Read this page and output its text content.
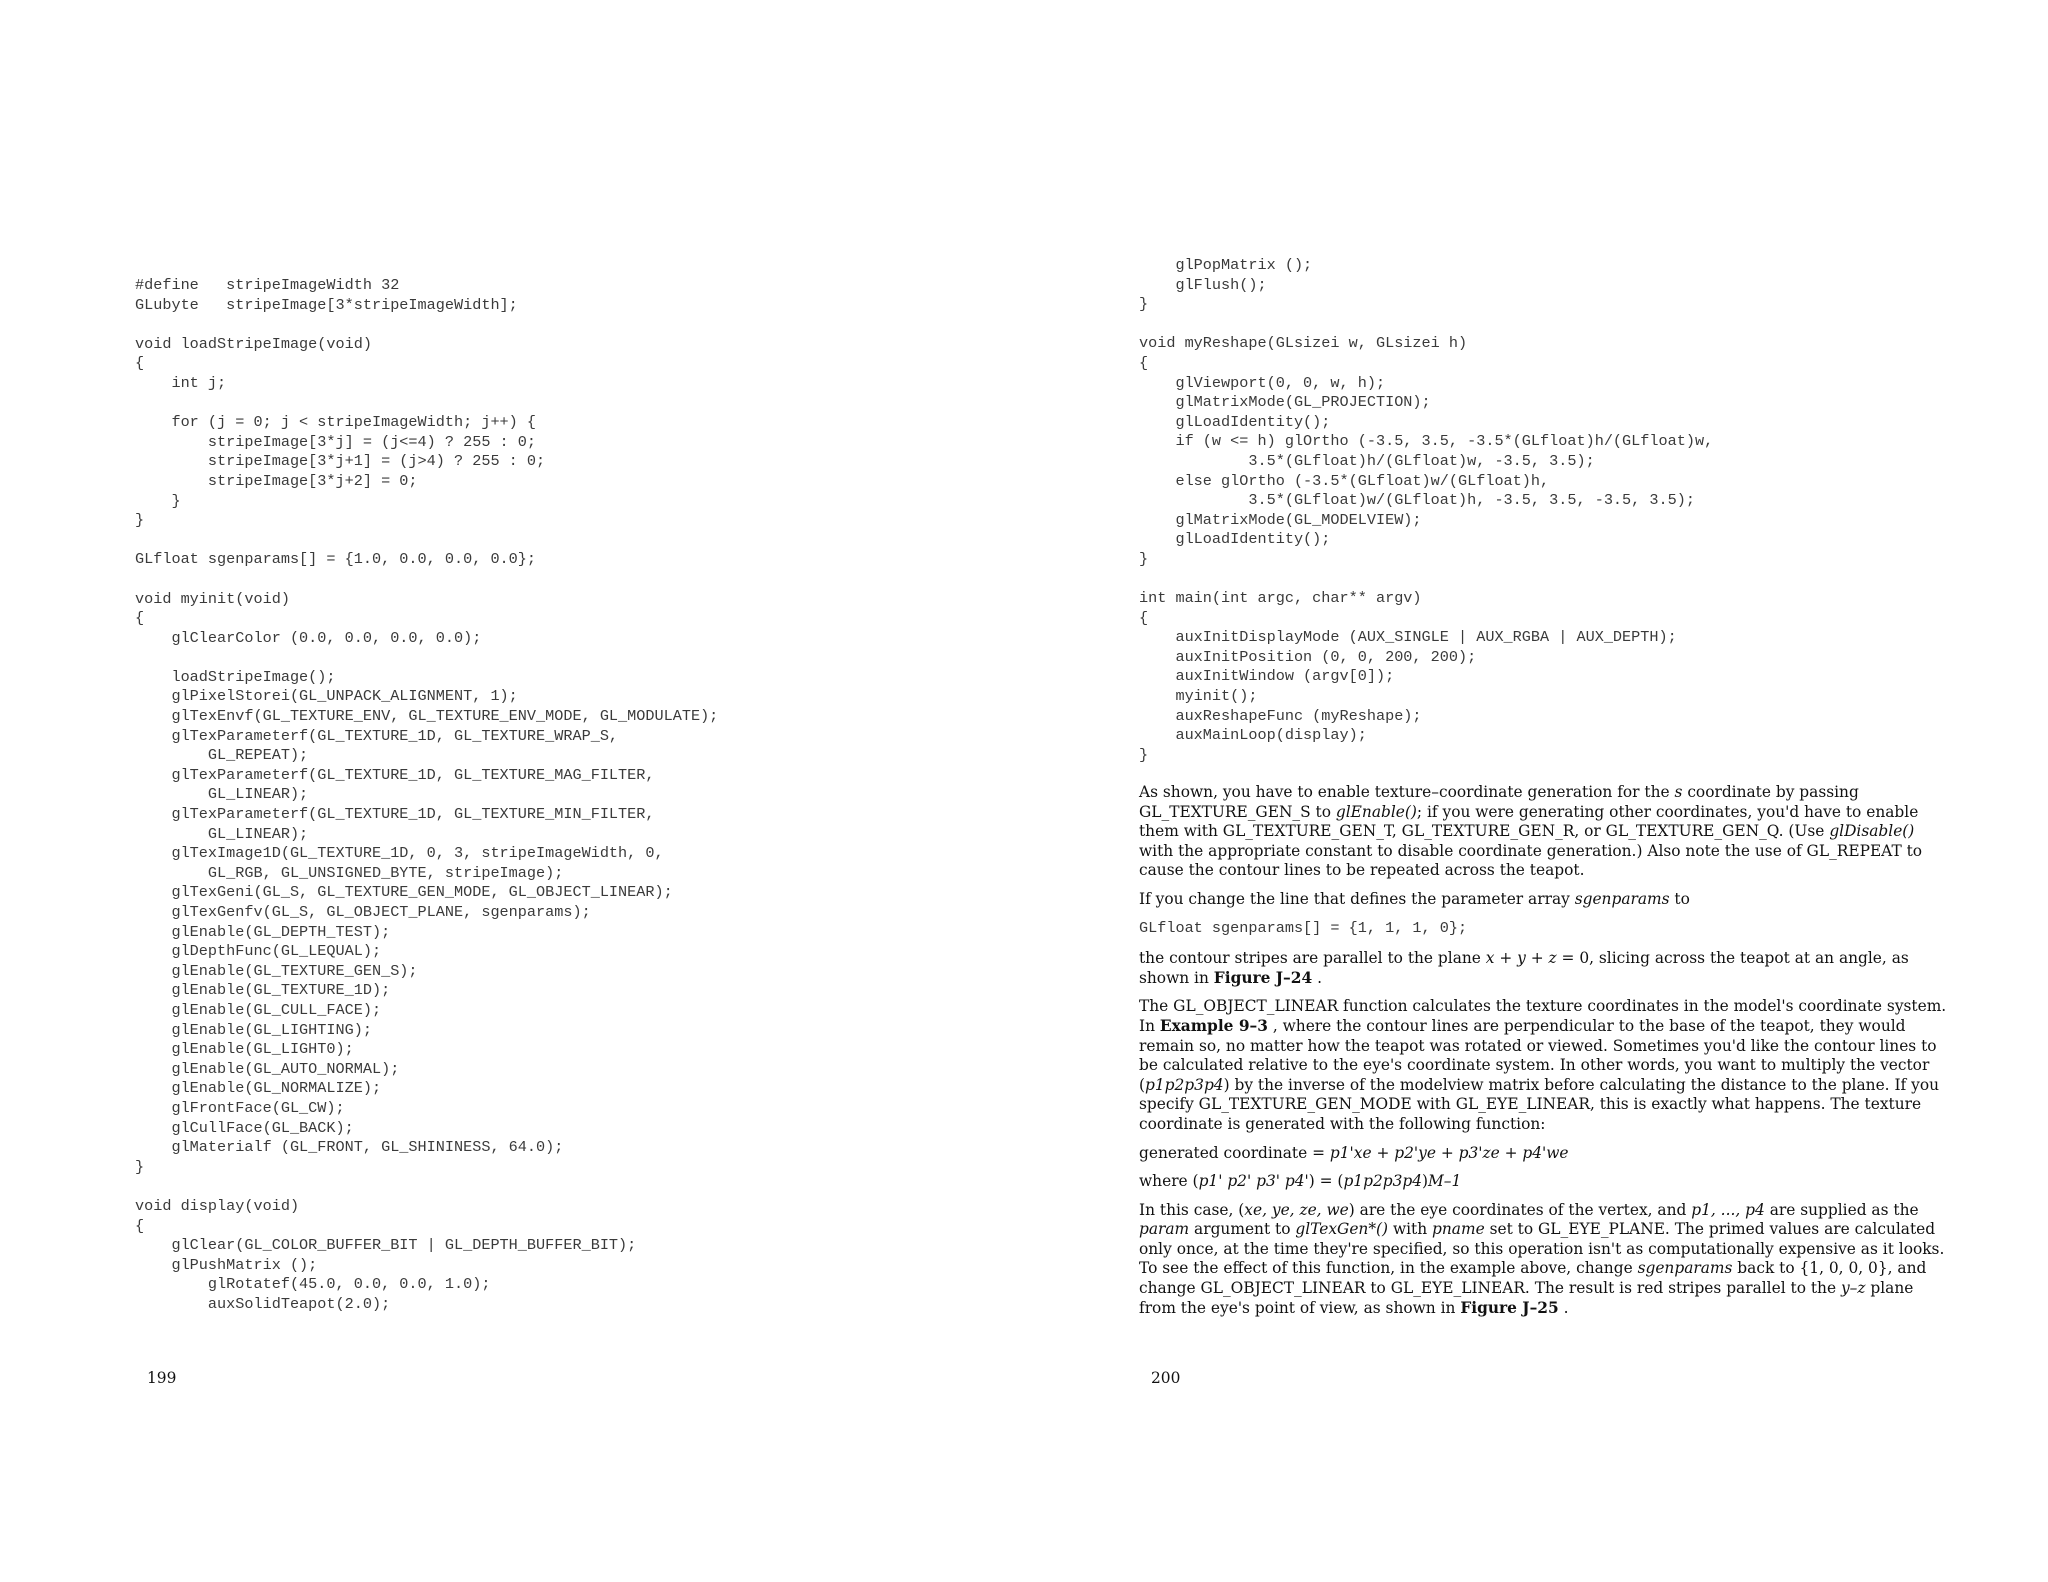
#define   stripeImageWidth 32
GLubyte   stripeImage[3*stripeImageWidth];

void loadStripeImage(void)
{
int j;

for (j = 0; j < stripeImageWidth; j++) {
stripeImage[3*j] = (j<=4) ? 255 : 0;
stripeImage[3*j+1] = (j>4) ? 255 : 0;
stripeImage[3*j+2] = 0;
}
}

GLfloat sgenparams[] = {1.0, 0.0, 0.0, 0.0};

void myinit(void)
{
glClearColor (0.0, 0.0, 0.0, 0.0);

loadStripeImage();
glPixelStorei(GL_UNPACK_ALIGNMENT, 1);
glTexEnvf(GL_TEXTURE_ENV, GL_TEXTURE_ENV_MODE, GL_MODULATE);
glTexParameterf(GL_TEXTURE_1D, GL_TEXTURE_WRAP_S,
GL_REPEAT);
glTexParameterf(GL_TEXTURE_1D, GL_TEXTURE_MAG_FILTER,
GL_LINEAR);
glTexParameterf(GL_TEXTURE_1D, GL_TEXTURE_MIN_FILTER,
GL_LINEAR);
glTexImage1D(GL_TEXTURE_1D, 0, 3, stripeImageWidth, 0,
GL_RGB, GL_UNSIGNED_BYTE, stripeImage);
glTexGeni(GL_S, GL_TEXTURE_GEN_MODE, GL_OBJECT_LINEAR);
glTexGenfv(GL_S, GL_OBJECT_PLANE, sgenparams);
glEnable(GL_DEPTH_TEST);
glDepthFunc(GL_LEQUAL);
glEnable(GL_TEXTURE_GEN_S);
glEnable(GL_TEXTURE_1D);
glEnable(GL_CULL_FACE);
glEnable(GL_LIGHTING);
glEnable(GL_LIGHT0);
glEnable(GL_AUTO_NORMAL);
glEnable(GL_NORMALIZE);
glFrontFace(GL_CW);
glCullFace(GL_BACK);
glMaterialf (GL_FRONT, GL_SHININESS, 64.0);
}

void display(void)
{
glClear(GL_COLOR_BUFFER_BIT | GL_DEPTH_BUFFER_BIT);
glPushMatrix ();
glRotatef(45.0, 0.0, 0.0, 1.0);
auxSolidTeapot(2.0);
199
glPopMatrix ();
glFlush();
}

void myReshape(GLsizei w, GLsizei h)
{
glViewport(0, 0, w, h);
glMatrixMode(GL_PROJECTION);
glLoadIdentity();
if (w <= h) glOrtho (-3.5, 3.5, -3.5*(GLfloat)h/(GLfloat)w,
3.5*(GLfloat)h/(GLfloat)w, -3.5, 3.5);
else glOrtho (-3.5*(GLfloat)w/(GLfloat)h,
3.5*(GLfloat)w/(GLfloat)h, -3.5, 3.5, -3.5, 3.5);
glMatrixMode(GL_MODELVIEW);
glLoadIdentity();
}

int main(int argc, char** argv)
{
auxInitDisplayMode (AUX_SINGLE | AUX_RGBA | AUX_DEPTH);
auxInitPosition (0, 0, 200, 200);
auxInitWindow (argv[0]);
myinit();
auxReshapeFunc (myReshape);
auxMainLoop(display);
}

As shown, you have to enable texture–coordinate generation for the s coordinate by passing GL_TEXTURE_GEN_S to glEnable(); if you were generating other coordinates, you'd have to enable them with GL_TEXTURE_GEN_T, GL_TEXTURE_GEN_R, or GL_TEXTURE_GEN_Q. (Use glDisable() with the appropriate constant to disable coordinate generation.) Also note the use of GL_REPEAT to cause the contour lines to be repeated across the teapot.

If you change the line that defines the parameter array sgenparams to

GLfloat sgenparams[] = {1, 1, 1, 0};

the contour stripes are parallel to the plane x + y + z = 0, slicing across the teapot at an angle, as shown in Figure J–24 .

The GL_OBJECT_LINEAR function calculates the texture coordinates in the model's coordinate system. In Example 9–3 , where the contour lines are perpendicular to the base of the teapot, they would remain so, no matter how the teapot was rotated or viewed. Sometimes you'd like the contour lines to be calculated relative to the eye's coordinate system. In other words, you want to multiply the vector (p1p2p3p4) by the inverse of the modelview matrix before calculating the distance to the plane. If you specify GL_TEXTURE_GEN_MODE with GL_EYE_LINEAR, this is exactly what happens. The texture coordinate is generated with the following function:

generated coordinate = p1'xe + p2'ye + p3'ze + p4'we

where (p1' p2' p3' p4') = (p1p2p3p4)M–1

In this case, (xe, ye, ze, we) are the eye coordinates of the vertex, and p1, ..., p4 are supplied as the param argument to glTexGen*() with pname set to GL_EYE_PLANE. The primed values are calculated only once, at the time they're specified, so this operation isn't as computationally expensive as it looks. To see the effect of this function, in the example above, change sgenparams back to {1, 0, 0, 0}, and change GL_OBJECT_LINEAR to GL_EYE_LINEAR. The result is red stripes parallel to the y–z plane from the eye's point of view, as shown in Figure J–25 .

200
